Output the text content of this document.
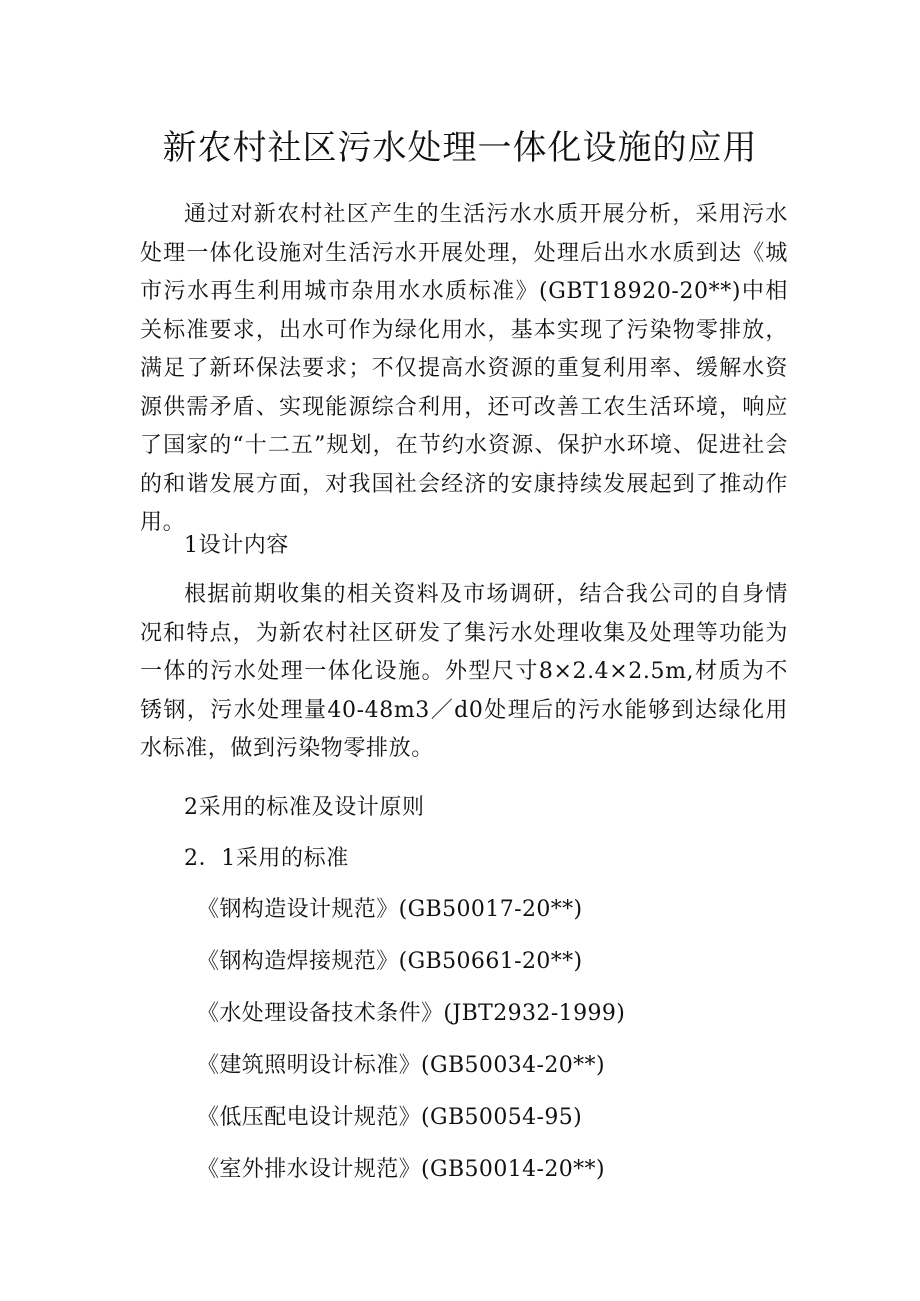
新农村社区污水处理一体化设施的应用

通过对新农村社区产生的生活污水水质开展分析，采用污水处理一体化设施对生活污水开展处理，处理后出水水质到达《城市污水再生利用城市杂用水水质标准》(GBT18920-20**)中相关标准要求，出水可作为绿化用水，基本实现了污染物零排放，满足了新环保法要求；不仅提高水资源的重复利用率、缓解水资源供需矛盾、实现能源综合利用，还可改善工农生活环境，响应了国家的“十二五”规划，在节约水资源、保护水环境、促进社会的和谐发展方面，对我国社会经济的安康持续发展起到了推动作用。

1设计内容

根据前期收集的相关资料及市场调研，结合我公司的自身情况和特点，为新农村社区研发了集污水处理收集及处理等功能为一体的污水处理一体化设施。外型尺寸8×2.4×2.5m,材质为不锈钢，污水处理量40-48m3／d0处理后的污水能够到达绿化用水标准，做到污染物零排放。

2采用的标准及设计原则
2．1采用的标准
《钢构造设计规范》(GB50017-20**)
《钢构造焊接规范》(GB50661-20**)
《水处理设备技术条件》(JBT2932-1999)
《建筑照明设计标准》(GB50034-20**)
《低压配电设计规范》(GB50054-95)
《室外排水设计规范》(GB50014-20**)
